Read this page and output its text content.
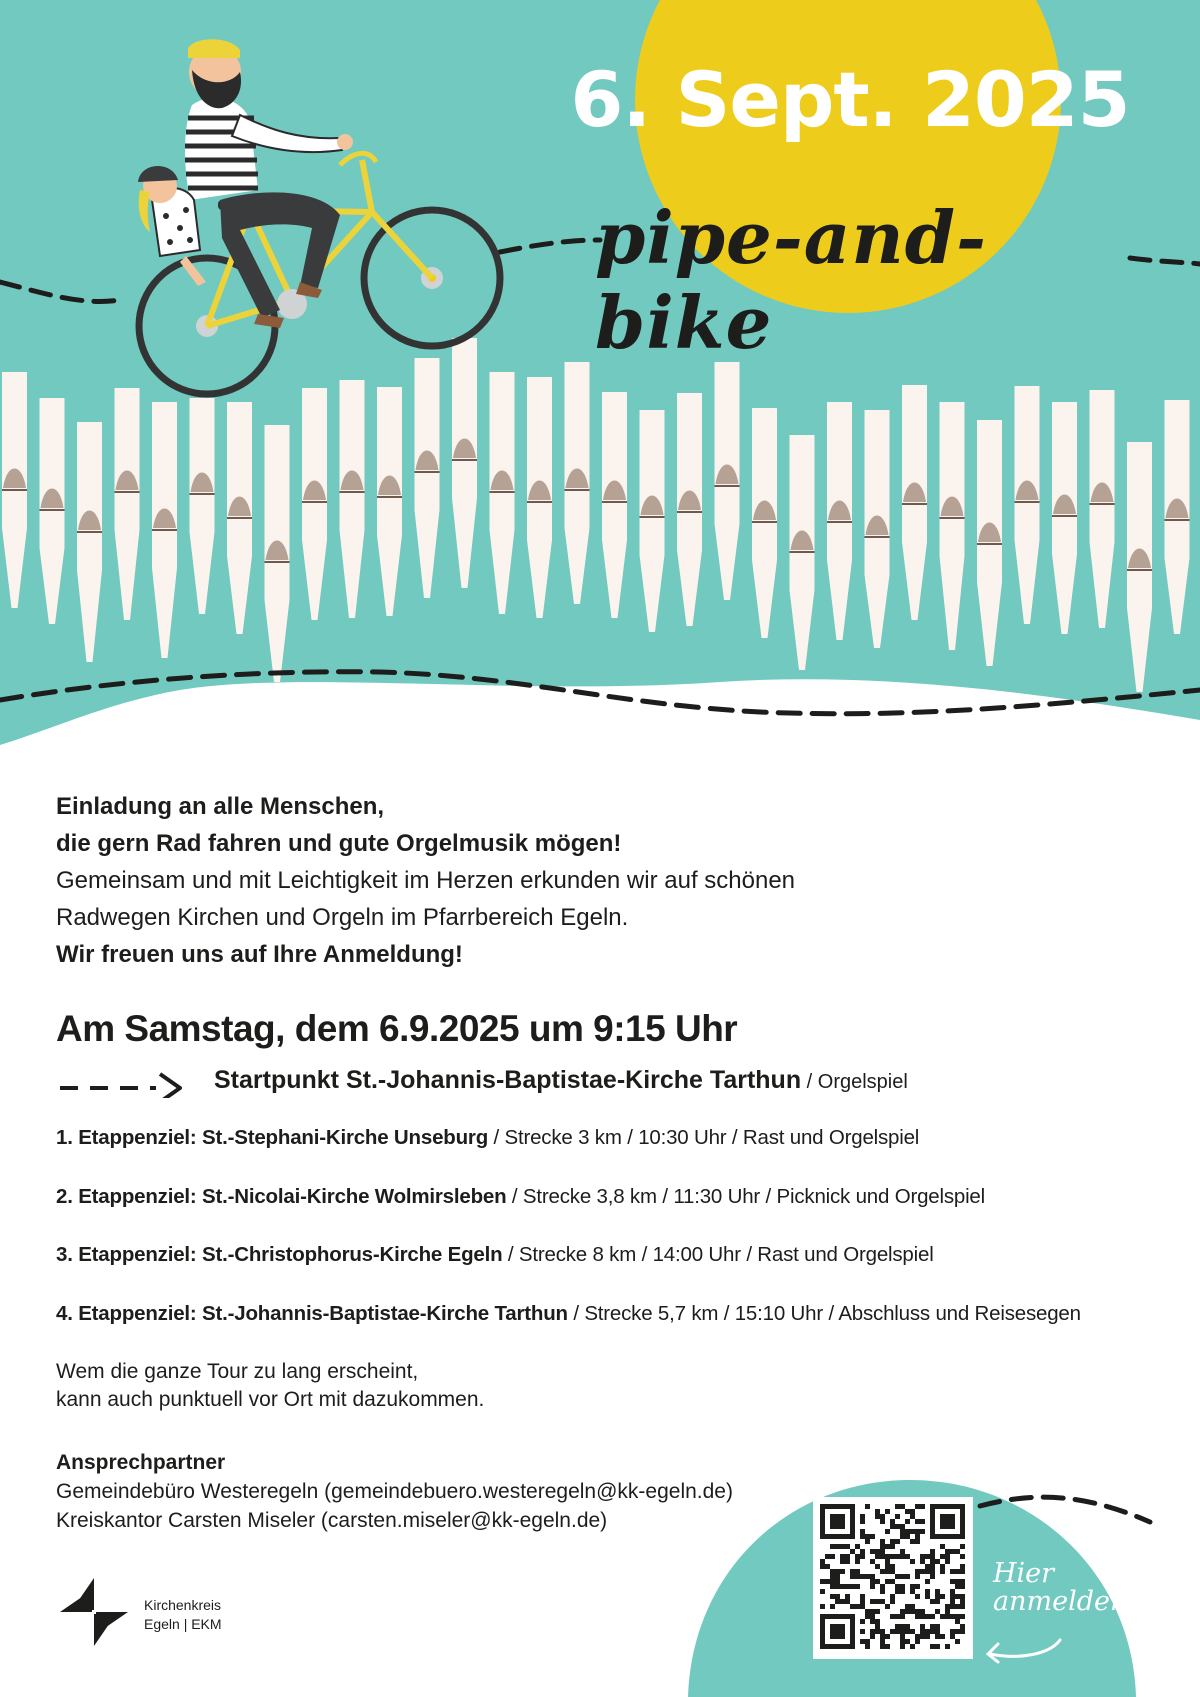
6. Sept. 2025
pipe-and-bike

Einladung an alle Menschen,

die gern Rad fahren und gute Orgelmusik mögen!

Gemeinsam und mit Leichtigkeit im Herzen erkunden wir auf schönen

Radwegen Kirchen und Orgeln im Pfarrbereich Egeln.

Wir freuen uns auf Ihre Anmeldung!

Am Samstag, dem 6.9.2025 um 9:15 Uhr
Startpunkt St.-Johannis-Baptistae-Kirche Tarthun / Orgelspiel
1. Etappenziel: St.-Stephani-Kirche Unseburg / Strecke 3 km / 10:30 Uhr / Rast und Orgelspiel
2. Etappenziel: St.-Nicolai-Kirche Wolmirsleben / Strecke 3,8 km / 11:30 Uhr / Picknick und Orgelspiel
3. Etappenziel: St.-Christophorus-Kirche Egeln / Strecke 8 km / 14:00 Uhr / Rast und Orgelspiel
4. Etappenziel: St.-Johannis-Baptistae-Kirche Tarthun / Strecke 5,7 km / 15:10 Uhr / Abschluss und Reisesegen
Wem die ganze Tour zu lang erscheint,
kann auch punktuell vor Ort mit dazukommen.
Ansprechpartner
Gemeindebüro Westeregeln (gemeindebuero.westeregeln@kk-egeln.de)
Kreiskantor Carsten Miseler (carsten.miseler@kk-egeln.de)
Kirchenkreis
Egeln | EKM
Hier
anmelden
